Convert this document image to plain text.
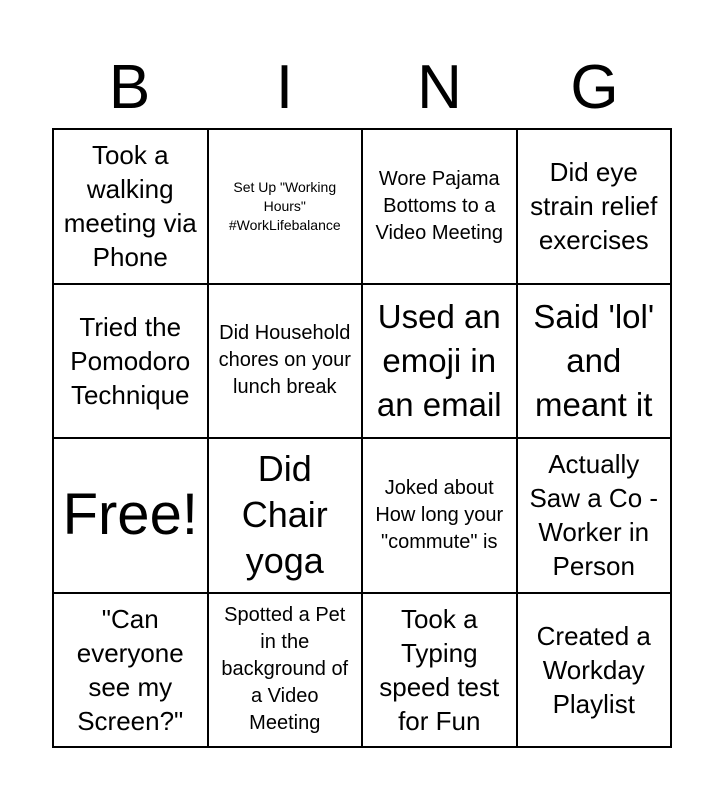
B	I	N	G
Took a walking meeting via Phone
Set Up "Working Hours" #WorkLifebalance
Wore Pajama Bottoms to a Video Meeting
Did eye strain relief exercises
Tried the Pomodoro Technique
Did Household chores on your lunch break
Used an emoji in an email
Said 'lol' and meant it
Free!
Did Chair yoga
Joked about How long your "commute" is
Actually Saw a Co - Worker in Person
"Can everyone see my Screen?"
Spotted a Pet in the background of a Video Meeting
Took a Typing speed test for Fun
Created a Workday Playlist
